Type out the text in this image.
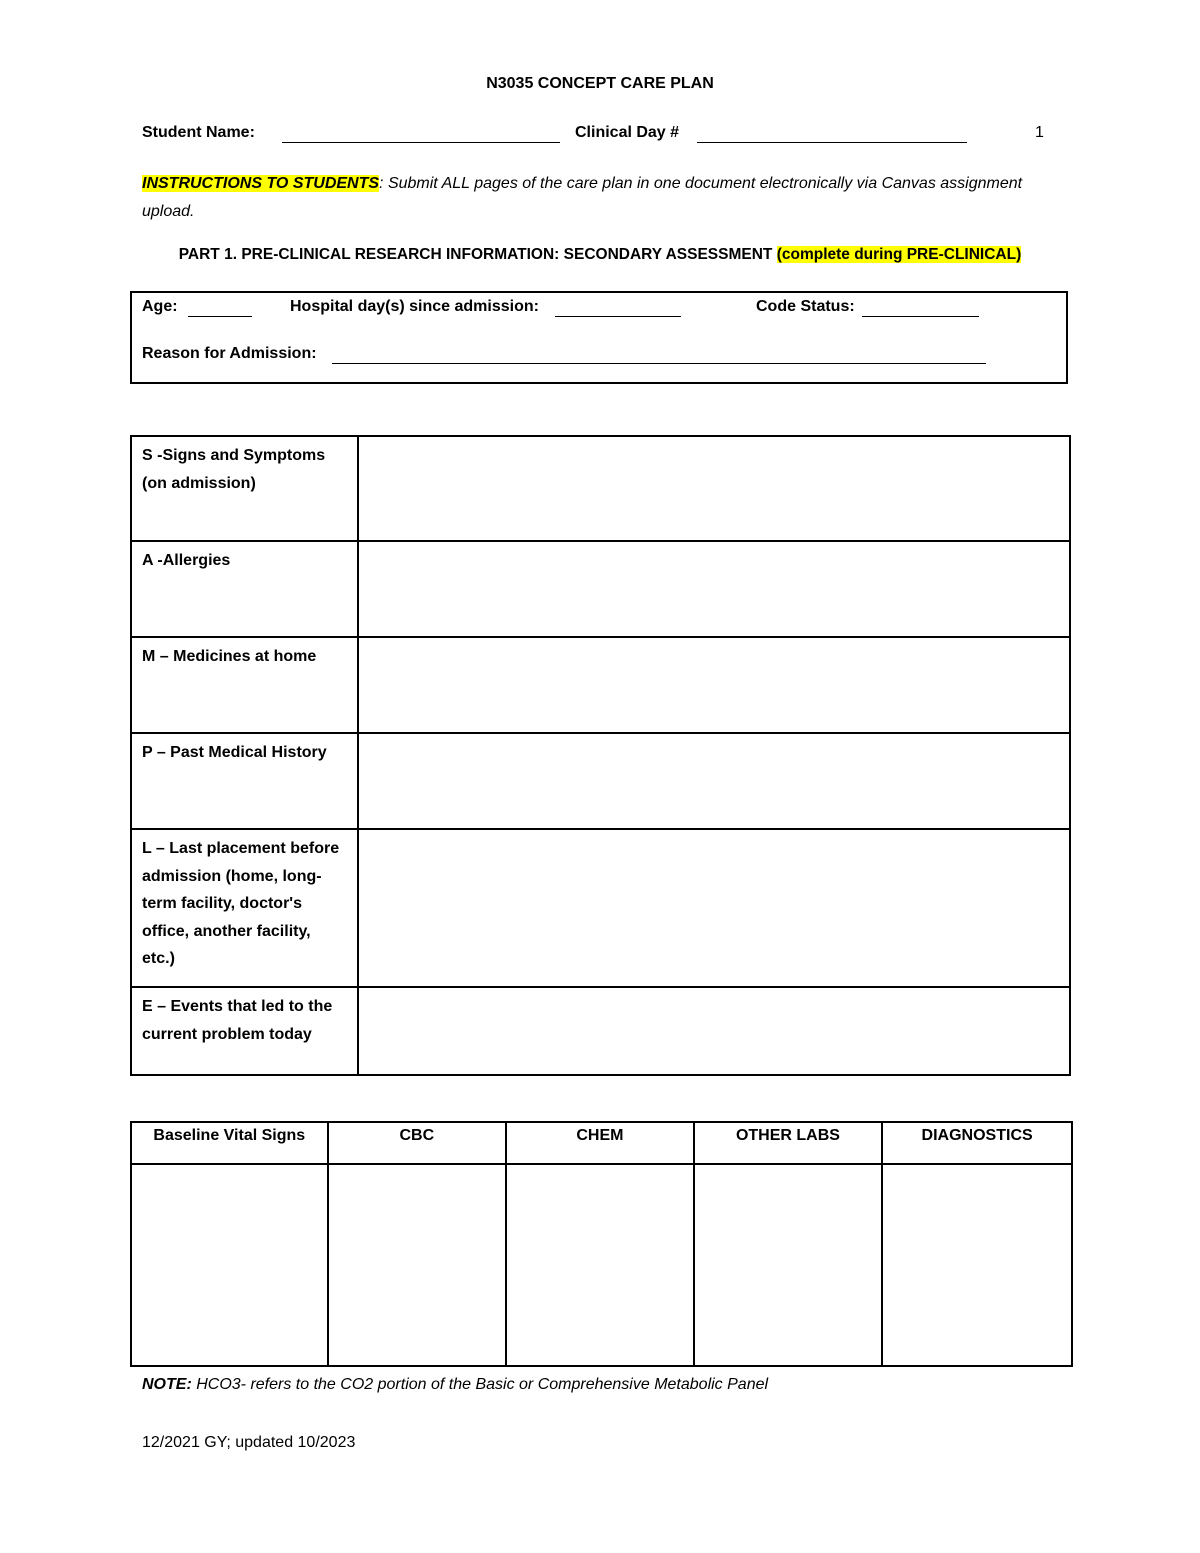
N3035 CONCEPT CARE PLAN
Student Name:	Clinical Day #	1
INSTRUCTIONS TO STUDENTS: Submit ALL pages of the care plan in one document electronically via Canvas assignment upload.
PART 1. PRE-CLINICAL RESEARCH INFORMATION: SECONDARY ASSESSMENT (complete during PRE-CLINICAL)
Age:	Hospital day(s) since admission:	Code Status:
Reason for Admission:
S -Signs and Symptoms (on admission)	
A -Allergies	
M – Medicines at home	
P – Past Medical History	
L – Last placement before admission (home, long-term facility, doctor's office, another facility, etc.)	
E – Events that led to the current problem today	
Baseline Vital Signs	CBC	CHEM	OTHER LABS	DIAGNOSTICS

NOTE: HCO3- refers to the CO2 portion of the Basic or Comprehensive Metabolic Panel
12/2021 GY; updated 10/2023
